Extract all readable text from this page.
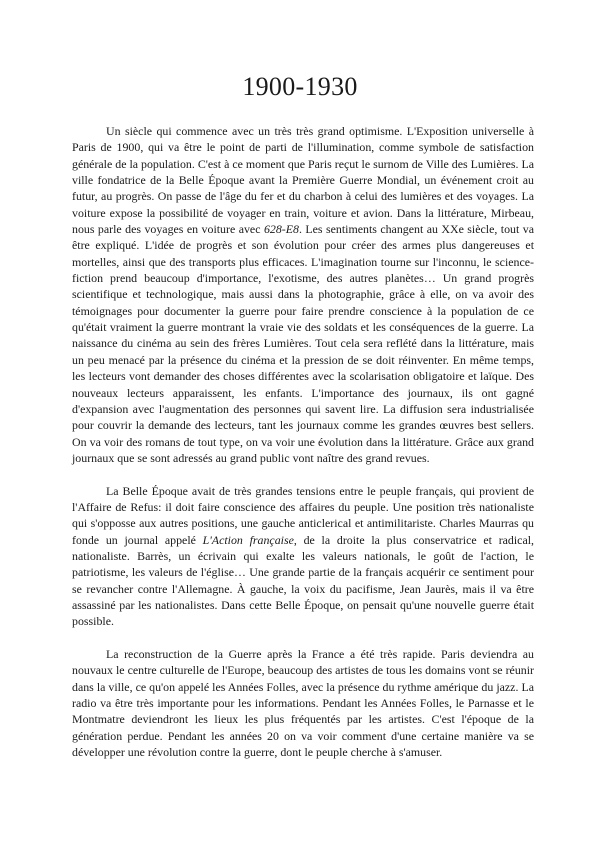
1900-1930

Un siècle qui commence avec un très très grand optimisme. L'Exposition universelle à Paris de 1900, qui va être le point de parti de l'illumination, comme symbole de satisfaction générale de la population. C'est à ce moment que Paris reçut le surnom de Ville des Lumières. La ville fondatrice de la Belle Époque avant la Première Guerre Mondial, un événement croit au futur, au progrès. On passe de l'âge du fer et du charbon à celui des lumières et des voyages. La voiture expose la possibilité de voyager en train, voiture et avion. Dans la littérature, Mirbeau, nous parle des voyages en voiture avec 628-E8. Les sentiments changent au XXe siècle, tout va être expliqué. L'idée de progrès et son évolution pour créer des armes plus dangereuses et mortelles, ainsi que des transports plus efficaces. L'imagination tourne sur l'inconnu, le science-fiction prend beaucoup d'importance, l'exotisme, des autres planètes… Un grand progrès scientifique et technologique, mais aussi dans la photographie, grâce à elle, on va avoir des témoignages pour documenter la guerre pour faire prendre conscience à la population de ce qu'était vraiment la guerre montrant la vraie vie des soldats et les conséquences de la guerre. La naissance du cinéma au sein des frères Lumières. Tout cela sera reflété dans la littérature, mais un peu menacé par la présence du cinéma et la pression de se doit réinventer. En même temps, les lecteurs vont demander des choses différentes avec la scolarisation obligatoire et laïque. Des nouveaux lecteurs apparaissent, les enfants. L'importance des journaux, ils ont gagné d'expansion avec l'augmentation des personnes qui savent lire. La diffusion sera industrialisée pour couvrir la demande des lecteurs, tant les journaux comme les grandes œuvres best sellers. On va voir des romans de tout type, on va voir une évolution dans la littérature. Grâce aux grand journaux que se sont adressés au grand public vont naître des grand revues.

La Belle Époque avait de très grandes tensions entre le peuple français, qui provient de l'Affaire de Refus: il doit faire conscience des affaires du peuple. Une position très nationaliste qui s'opposse aux autres positions, une gauche anticlerical et antimilitariste. Charles Maurras qu fonde un journal appelé L'Action française, de la droite la plus conservatrice et radical, nationaliste. Barrès, un écrivain qui exalte les valeurs nationals, le goût de l'action, le patriotisme, les valeurs de l'église… Une grande partie de la français acquérir ce sentiment pour se revancher contre l'Allemagne. À gauche, la voix du pacifisme, Jean Jaurès, mais il va être assassiné par les nationalistes. Dans cette Belle Époque, on pensait qu'une nouvelle guerre était possible.

La reconstruction de la Guerre après la France a été très rapide. Paris deviendra au nouvaux le centre culturelle de l'Europe, beaucoup des artistes de tous les domains vont se réunir dans la ville, ce qu'on appelé les Années Folles, avec la présence du rythme amérique du jazz. La radio va être très importante pour les informations. Pendant les Années Folles, le Parnasse et le Montmatre deviendront les lieux les plus fréquentés par les artistes. C'est l'époque de la génération perdue. Pendant les années 20 on va voir comment d'une certaine manière va se développer une révolution contre la guerre, dont le peuple cherche à s'amuser.
